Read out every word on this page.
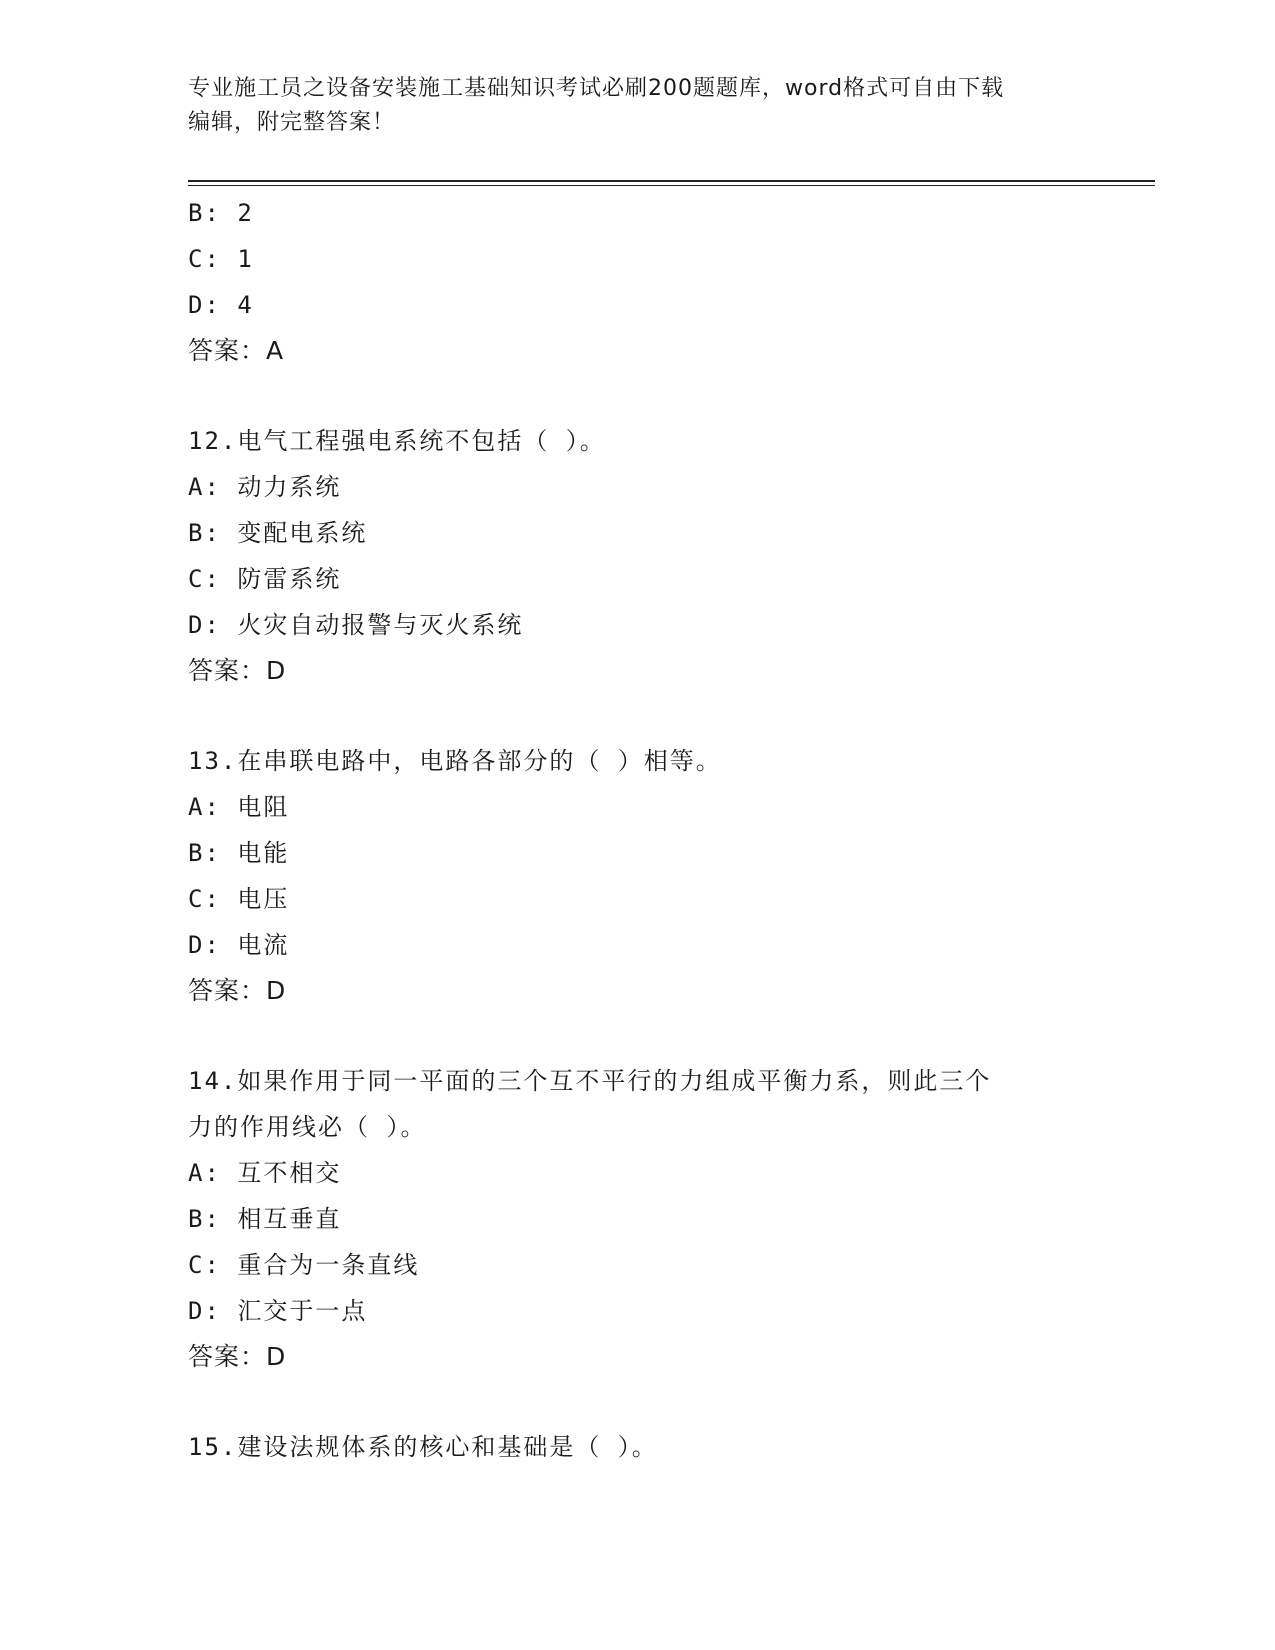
专业施工员之设备安装施工基础知识考试必刷200题题库，word格式可自由下载
编辑，附完整答案！
B: 2
C: 1
D: 4
答案：A
12.电气工程强电系统不包括（ ）。
A: 动力系统
B: 变配电系统
C: 防雷系统
D: 火灾自动报警与灭火系统
答案：D
13.在串联电路中，电路各部分的（ ）相等。
A: 电阻
B: 电能
C: 电压
D: 电流
答案：D
14.如果作用于同一平面的三个互不平行的力组成平衡力系，则此三个
力的作用线必（ ）。
A: 互不相交
B: 相互垂直
C: 重合为一条直线
D: 汇交于一点
答案：D
15.建设法规体系的核心和基础是（ ）。
